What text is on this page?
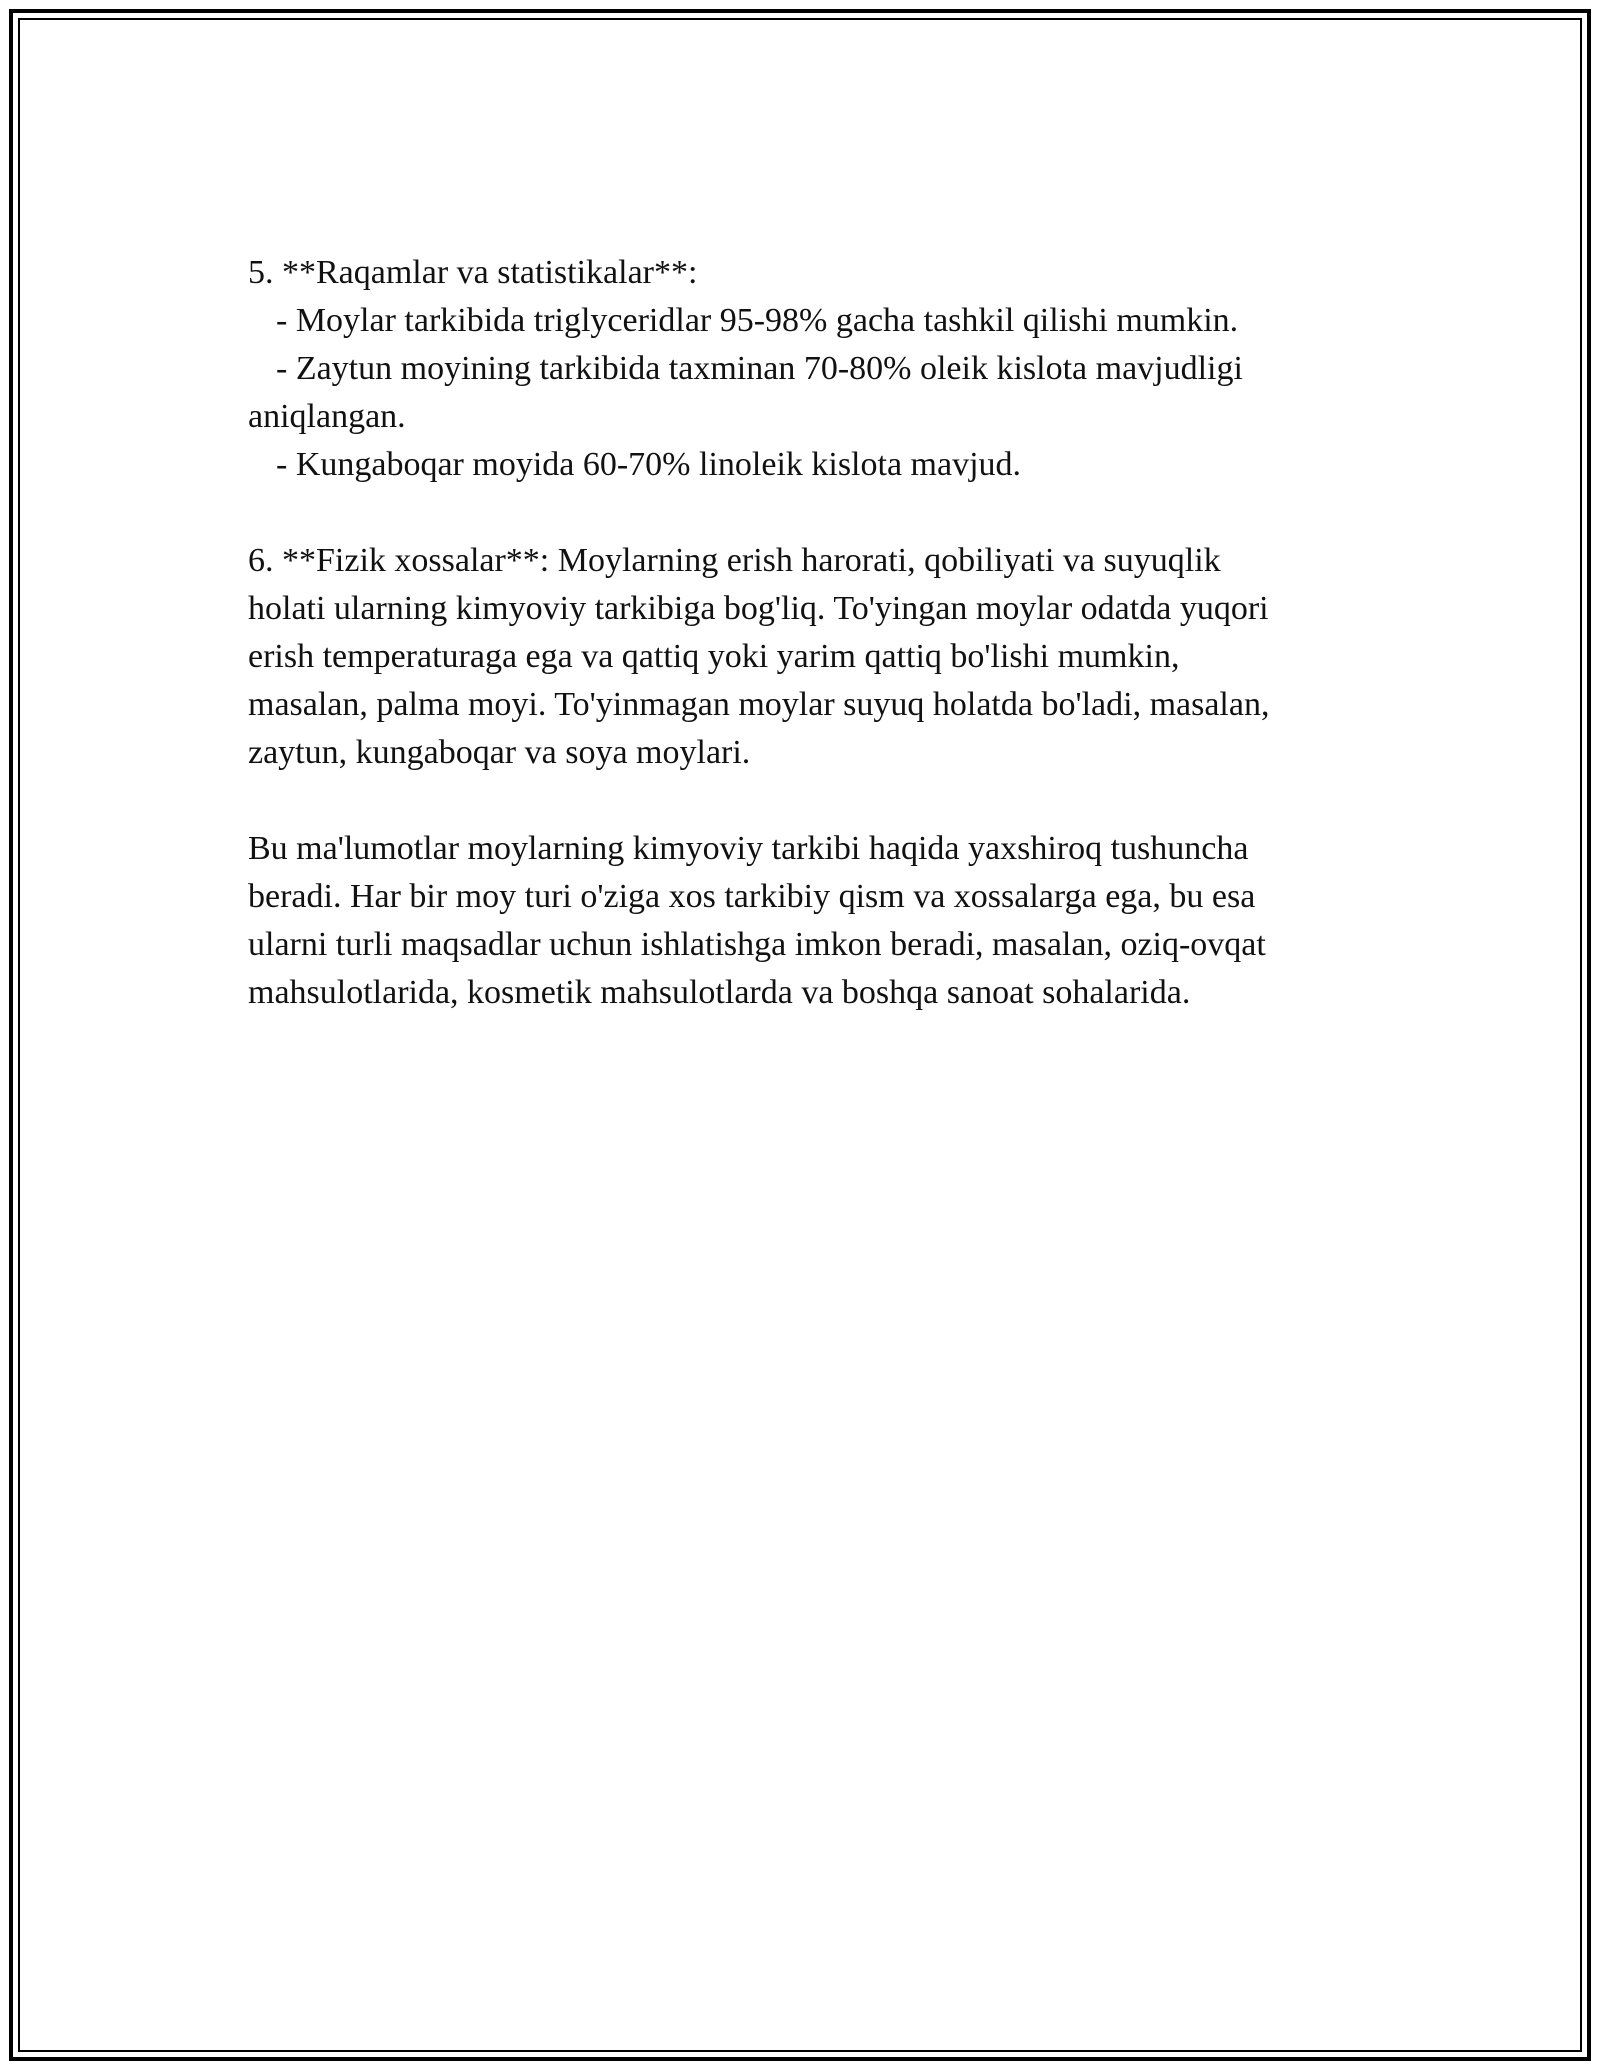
5. **Raqamlar va statistikalar**:
- Moylar tarkibida triglyceridlar 95-98% gacha tashkil qilishi mumkin.
- Zaytun moyining tarkibida taxminan 70-80% oleik kislota mavjudligi
aniqlangan.
- Kungaboqar moyida 60-70% linoleik kislota mavjud.
6. **Fizik xossalar**: Moylarning erish harorati, qobiliyati va suyuqlik
holati ularning kimyoviy tarkibiga bog'liq. To'yingan moylar odatda yuqori
erish temperaturaga ega va qattiq yoki yarim qattiq bo'lishi mumkin,
masalan, palma moyi. To'yinmagan moylar suyuq holatda bo'ladi, masalan,
zaytun, kungaboqar va soya moylari.
Bu ma'lumotlar moylarning kimyoviy tarkibi haqida yaxshiroq tushuncha
beradi. Har bir moy turi o'ziga xos tarkibiy qism va xossalarga ega, bu esa
ularni turli maqsadlar uchun ishlatishga imkon beradi, masalan, oziq-ovqat
mahsulotlarida, kosmetik mahsulotlarda va boshqa sanoat sohalarida.
